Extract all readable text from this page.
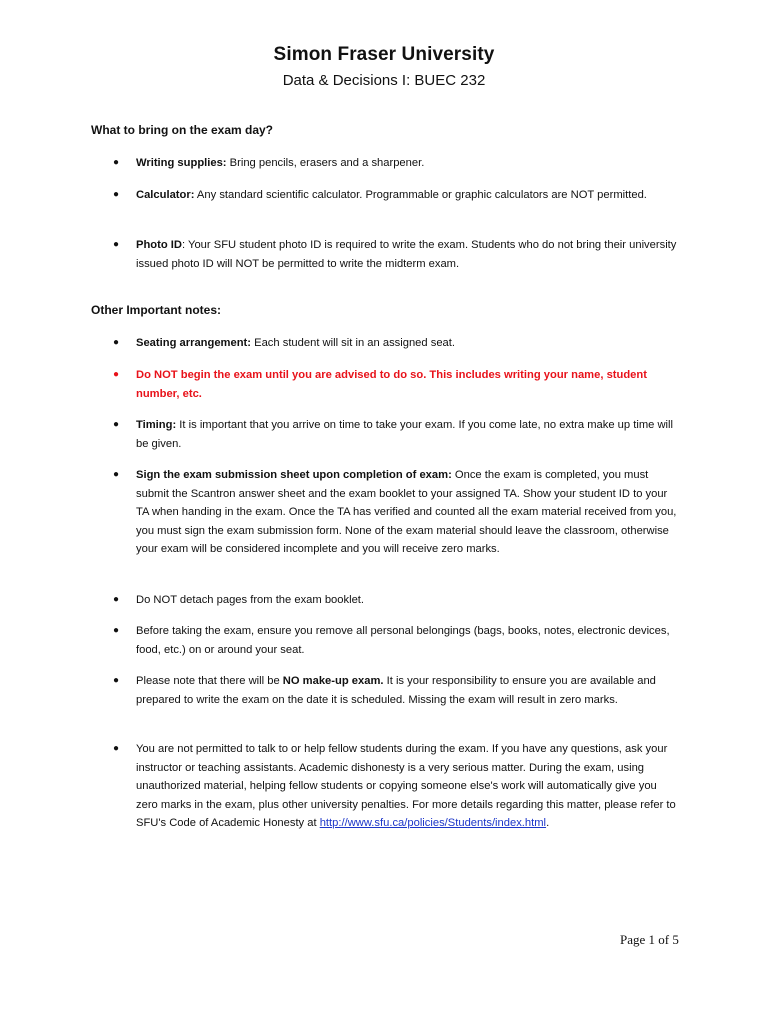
Simon Fraser University
Data & Decisions I: BUEC 232
What to bring on the exam day?
● Writing supplies: Bring pencils, erasers and a sharpener.
● Calculator: Any standard scientific calculator. Programmable or graphic calculators are NOT permitted.
● Photo ID: Your SFU student photo ID is required to write the exam. Students who do not bring their university issued photo ID will NOT be permitted to write the midterm exam.
Other Important notes:
● Seating arrangement: Each student will sit in an assigned seat.
● Do NOT begin the exam until you are advised to do so. This includes writing your name, student number, etc.
● Timing: It is important that you arrive on time to take your exam. If you come late, no extra make up time will be given.
● Sign the exam submission sheet upon completion of exam: Once the exam is completed, you must submit the Scantron answer sheet and the exam booklet to your assigned TA. Show your student ID to your TA when handing in the exam. Once the TA has verified and counted all the exam material received from you, you must sign the exam submission form. None of the exam material should leave the classroom, otherwise your exam will be considered incomplete and you will receive zero marks.
● Do NOT detach pages from the exam booklet.
● Before taking the exam, ensure you remove all personal belongings (bags, books, notes, electronic devices, food, etc.) on or around your seat.
● Please note that there will be NO make-up exam. It is your responsibility to ensure you are available and prepared to write the exam on the date it is scheduled. Missing the exam will result in zero marks.
● You are not permitted to talk to or help fellow students during the exam. If you have any questions, ask your instructor or teaching assistants. Academic dishonesty is a very serious matter. During the exam, using unauthorized material, helping fellow students or copying someone else's work will automatically give you zero marks in the exam, plus other university penalties. For more details regarding this matter, please refer to SFU's Code of Academic Honesty at http://www.sfu.ca/policies/Students/index.html.
Page 1 of 5
